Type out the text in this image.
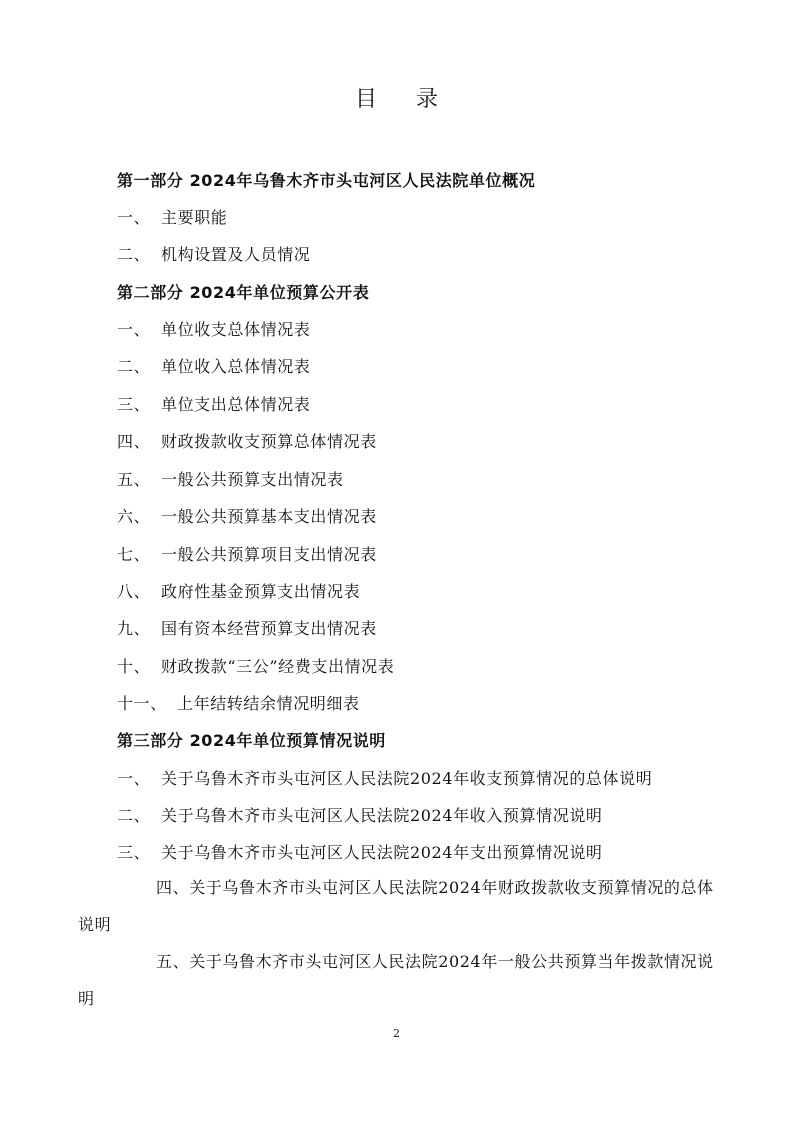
目 录
第一部分 2024年乌鲁木齐市头屯河区人民法院单位概况
一、 主要职能
二、 机构设置及人员情况
第二部分 2024年单位预算公开表
一、 单位收支总体情况表
二、 单位收入总体情况表
三、 单位支出总体情况表
四、 财政拨款收支预算总体情况表
五、 一般公共预算支出情况表
六、 一般公共预算基本支出情况表
七、 一般公共预算项目支出情况表
八、 政府性基金预算支出情况表
九、 国有资本经营预算支出情况表
十、 财政拨款“三公”经费支出情况表
十一、 上年结转结余情况明细表
第三部分 2024年单位预算情况说明
一、 关于乌鲁木齐市头屯河区人民法院2024年收支预算情况的总体说明
二、 关于乌鲁木齐市头屯河区人民法院2024年收入预算情况说明
三、 关于乌鲁木齐市头屯河区人民法院2024年支出预算情况说明
四、关于乌鲁木齐市头屯河区人民法院2024年财政拨款收支预算情况的总体说明
五、关于乌鲁木齐市头屯河区人民法院2024年一般公共预算当年拨款情况说明
2
